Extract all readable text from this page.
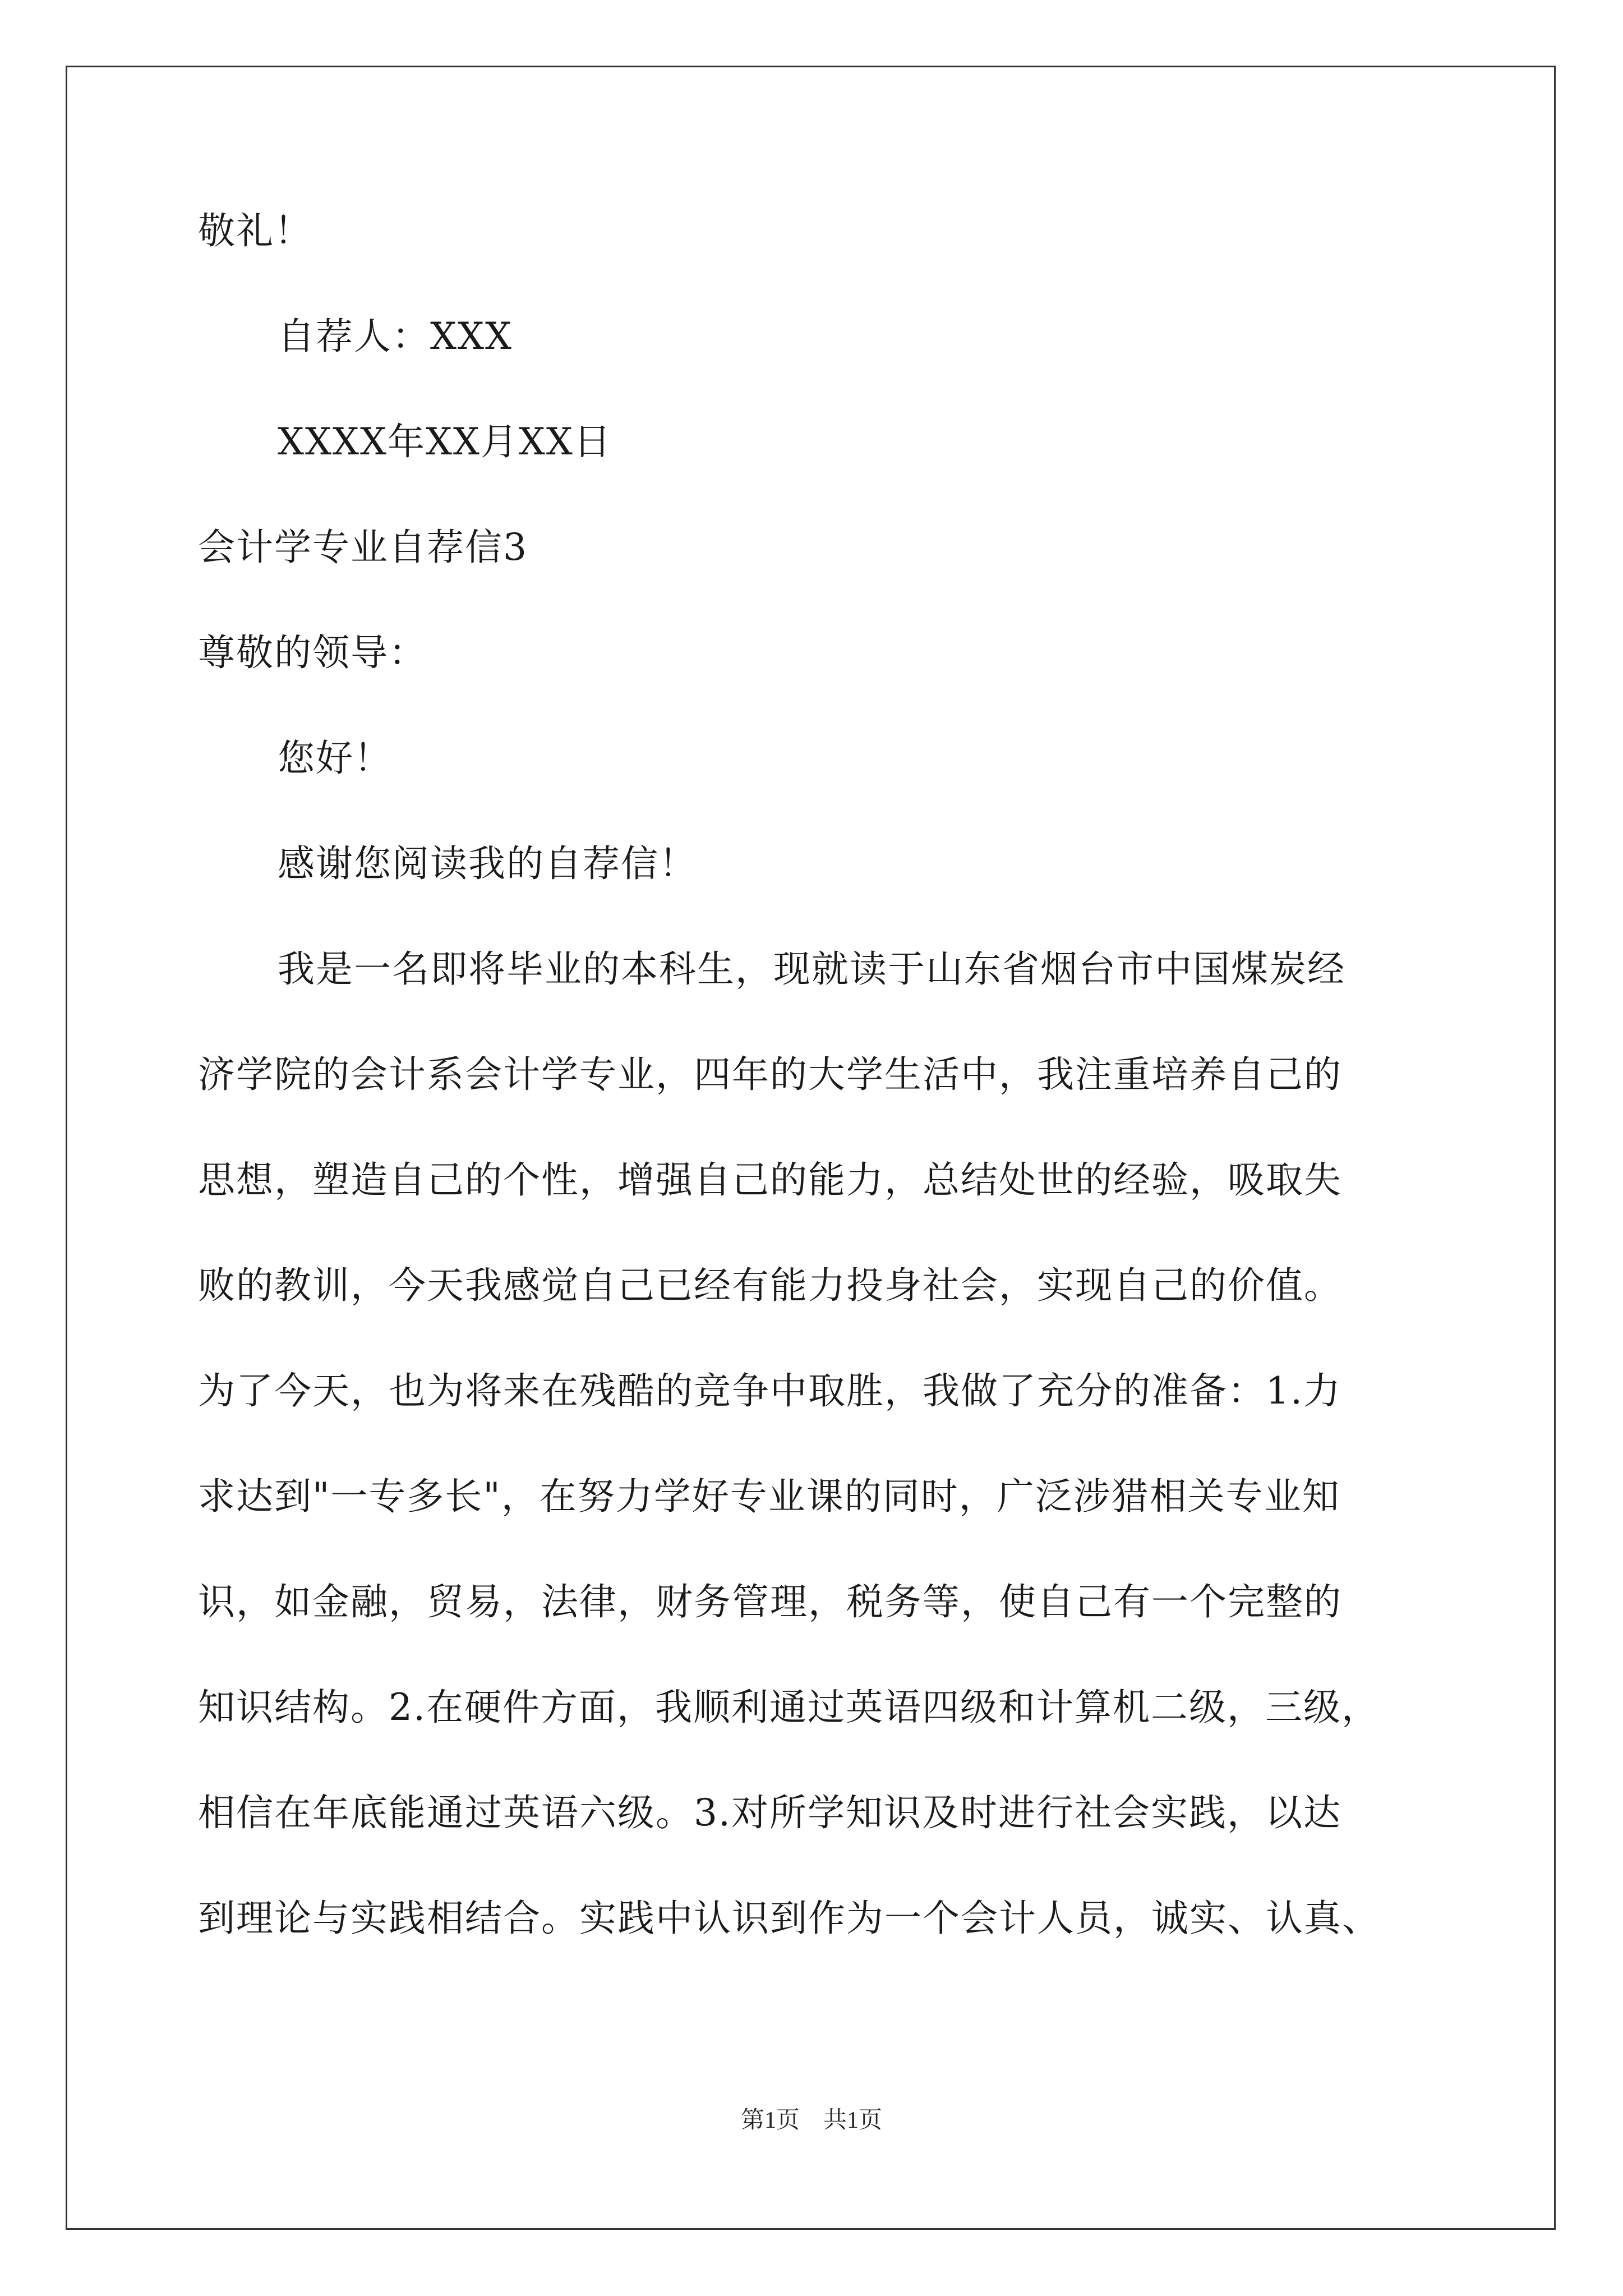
敬礼！
自荐人：XXX
XXXX年XX月XX日
会计学专业自荐信3
尊敬的领导：
您好！
感谢您阅读我的自荐信！
我是一名即将毕业的本科生，现就读于山东省烟台市中国煤炭经
济学院的会计系会计学专业，四年的大学生活中，我注重培养自己的
思想，塑造自己的个性，增强自己的能力，总结处世的经验，吸取失
败的教训，今天我感觉自己已经有能力投身社会，实现自己的价值。
为了今天，也为将来在残酷的竞争中取胜，我做了充分的准备：1.力
求达到"一专多长"，在努力学好专业课的同时，广泛涉猎相关专业知
识，如金融，贸易，法律，财务管理，税务等，使自己有一个完整的
知识结构。2.在硬件方面，我顺利通过英语四级和计算机二级，三级，
相信在年底能通过英语六级。3.对所学知识及时进行社会实践，以达
到理论与实践相结合。实践中认识到作为一个会计人员，诚实、认真、
第1页　共1页
